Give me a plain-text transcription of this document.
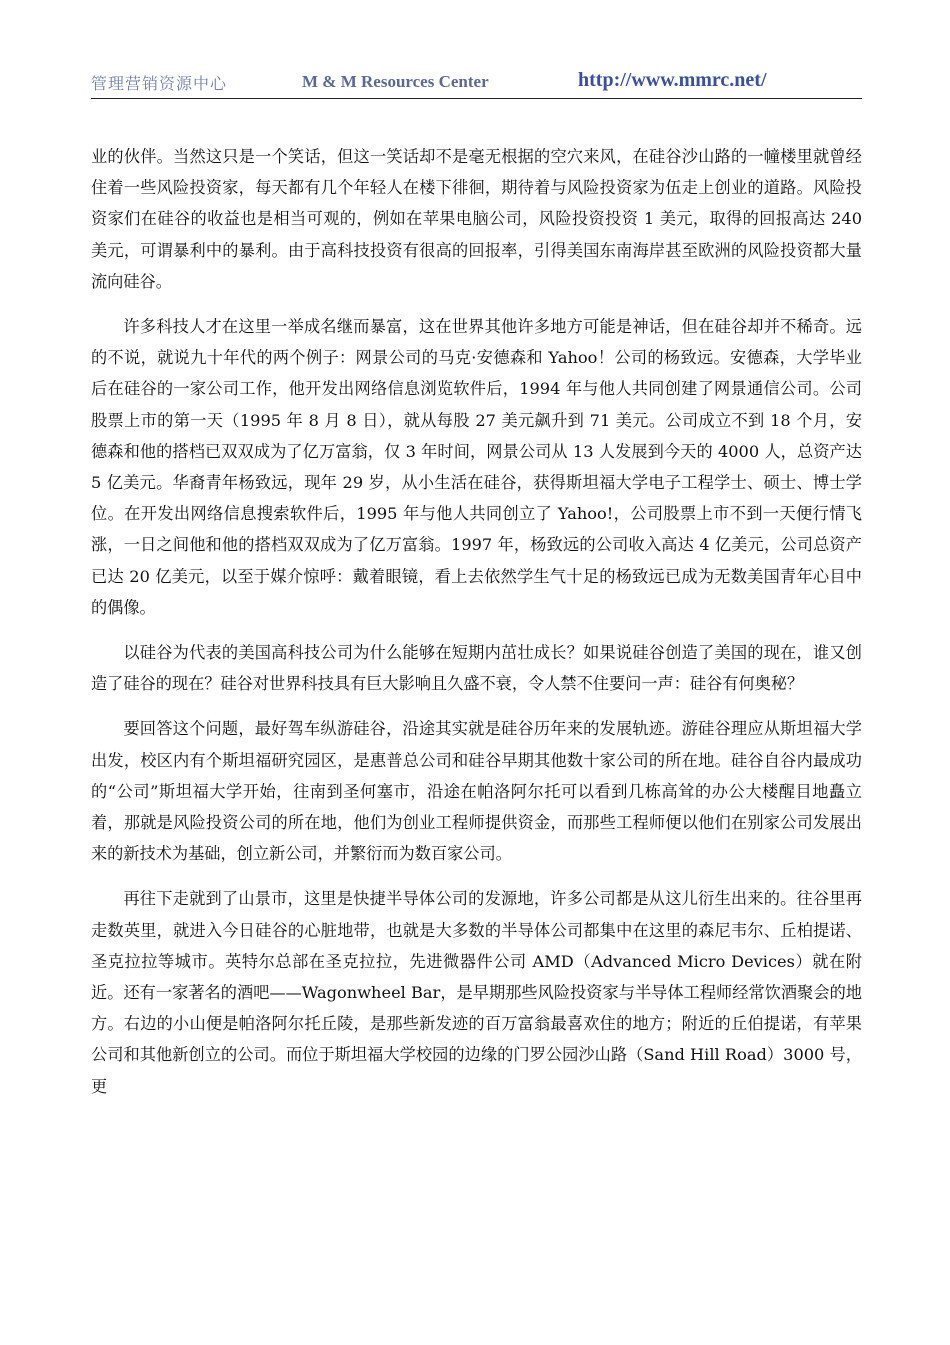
管理营销资源中心	M & M Resources Center	http://www.mmrc.net/

业的伙伴。当然这只是一个笑话，但这一笑话却不是毫无根据的空穴来风，在硅谷沙山路的一幢楼里就曾经住着一些风险投资家，每天都有几个年轻人在楼下徘徊，期待着与风险投资家为伍走上创业的道路。风险投资家们在硅谷的收益也是相当可观的，例如在苹果电脑公司，风险投资投资 1 美元，取得的回报高达 240 美元，可谓暴利中的暴利。由于高科技投资有很高的回报率，引得美国东南海岸甚至欧洲的风险投资都大量流向硅谷。

许多科技人才在这里一举成名继而暴富，这在世界其他许多地方可能是神话，但在硅谷却并不稀奇。远的不说，就说九十年代的两个例子：网景公司的马克·安德森和 Yahoo！公司的杨致远。安德森，大学毕业后在硅谷的一家公司工作，他开发出网络信息浏览软件后，1994 年与他人共同创建了网景通信公司。公司股票上市的第一天（1995 年 8 月 8 日），就从每股 27 美元飙升到 71 美元。公司成立不到 18 个月，安德森和他的搭档已双双成为了亿万富翁，仅 3 年时间，网景公司从 13 人发展到今天的 4000 人，总资产达 5 亿美元。华裔青年杨致远，现年 29 岁，从小生活在硅谷，获得斯坦福大学电子工程学士、硕士、博士学位。在开发出网络信息搜索软件后，1995 年与他人共同创立了 Yahoo!，公司股票上市不到一天便行情飞涨，一日之间他和他的搭档双双成为了亿万富翁。1997 年，杨致远的公司收入高达 4 亿美元，公司总资产已达 20 亿美元，以至于媒介惊呼：戴着眼镜，看上去依然学生气十足的杨致远已成为无数美国青年心目中的偶像。

以硅谷为代表的美国高科技公司为什么能够在短期内茁壮成长？如果说硅谷创造了美国的现在，谁又创造了硅谷的现在？硅谷对世界科技具有巨大影响且久盛不衰，令人禁不住要问一声：硅谷有何奥秘？

要回答这个问题，最好驾车纵游硅谷，沿途其实就是硅谷历年来的发展轨迹。游硅谷理应从斯坦福大学出发，校区内有个斯坦福研究园区，是惠普总公司和硅谷早期其他数十家公司的所在地。硅谷自谷内最成功的“公司”斯坦福大学开始，往南到圣何塞市，沿途在帕洛阿尔托可以看到几栋高耸的办公大楼醒目地矗立着，那就是风险投资公司的所在地，他们为创业工程师提供资金，而那些工程师便以他们在别家公司发展出来的新技术为基础，创立新公司，并繁衍而为数百家公司。

再往下走就到了山景市，这里是快捷半导体公司的发源地，许多公司都是从这儿衍生出来的。往谷里再走数英里，就进入今日硅谷的心脏地带，也就是大多数的半导体公司都集中在这里的森尼韦尔、丘柏提诺、圣克拉拉等城市。英特尔总部在圣克拉拉，先进微器件公司 AMD（Advanced Micro Devices）就在附近。还有一家著名的酒吧——Wagonwheel Bar，是早期那些风险投资家与半导体工程师经常饮酒聚会的地方。右边的小山便是帕洛阿尔托丘陵，是那些新发迹的百万富翁最喜欢住的地方；附近的丘伯提诺，有苹果公司和其他新创立的公司。而位于斯坦福大学校园的边缘的门罗公园沙山路（Sand Hill Road）3000 号，更
